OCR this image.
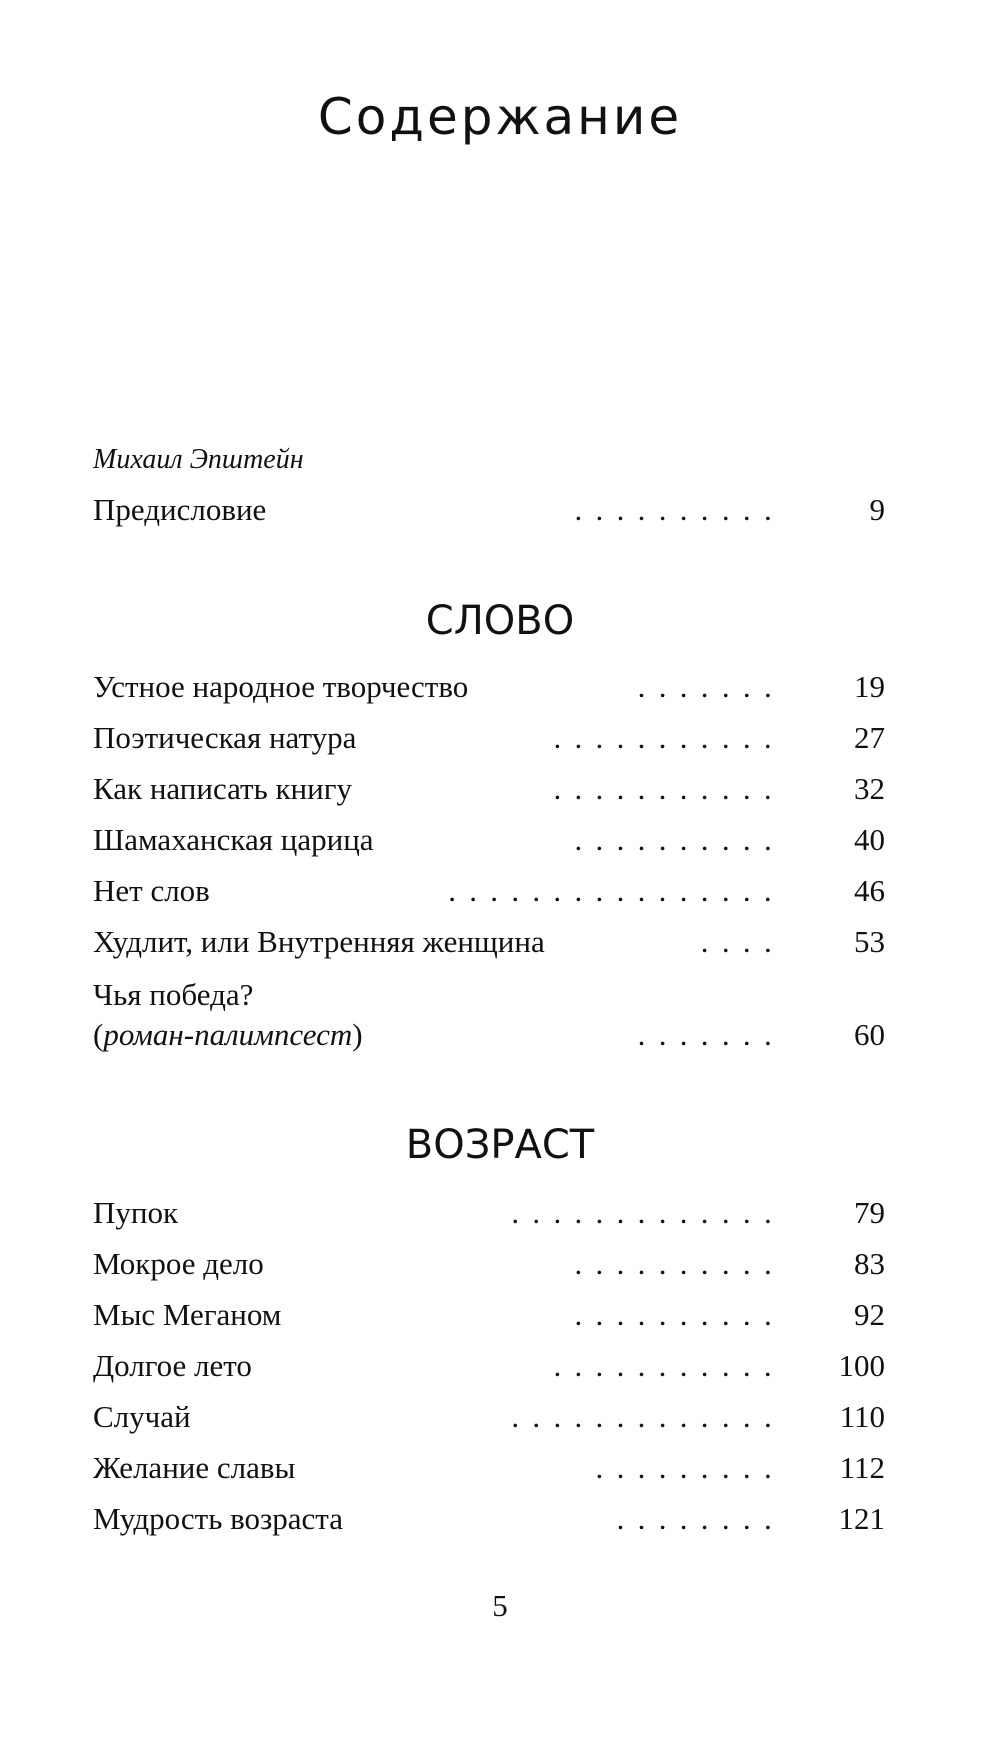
Содержание
Михаил Эпштейн
Предисловие	..........	9
СЛОВО
Устное народное творчество	....... 19
Поэтическая натура	........... 27
Как написать книгу	........... 32
Шамаханская царица	.......... 40
Нет слов	................ 46
Худлит, или Внутренняя женщина	.... 53
Чья победа?
(роман-палимпсест)	....... 60
ВОЗРАСТ
Пупок	............. 79
Мокрое дело	.......... 83
Мыс Меганом	.......... 92
Долгое лето	........... 100
Случай	............. 110
Желание славы	......... 112
Мудрость возраста	........ 121
5
